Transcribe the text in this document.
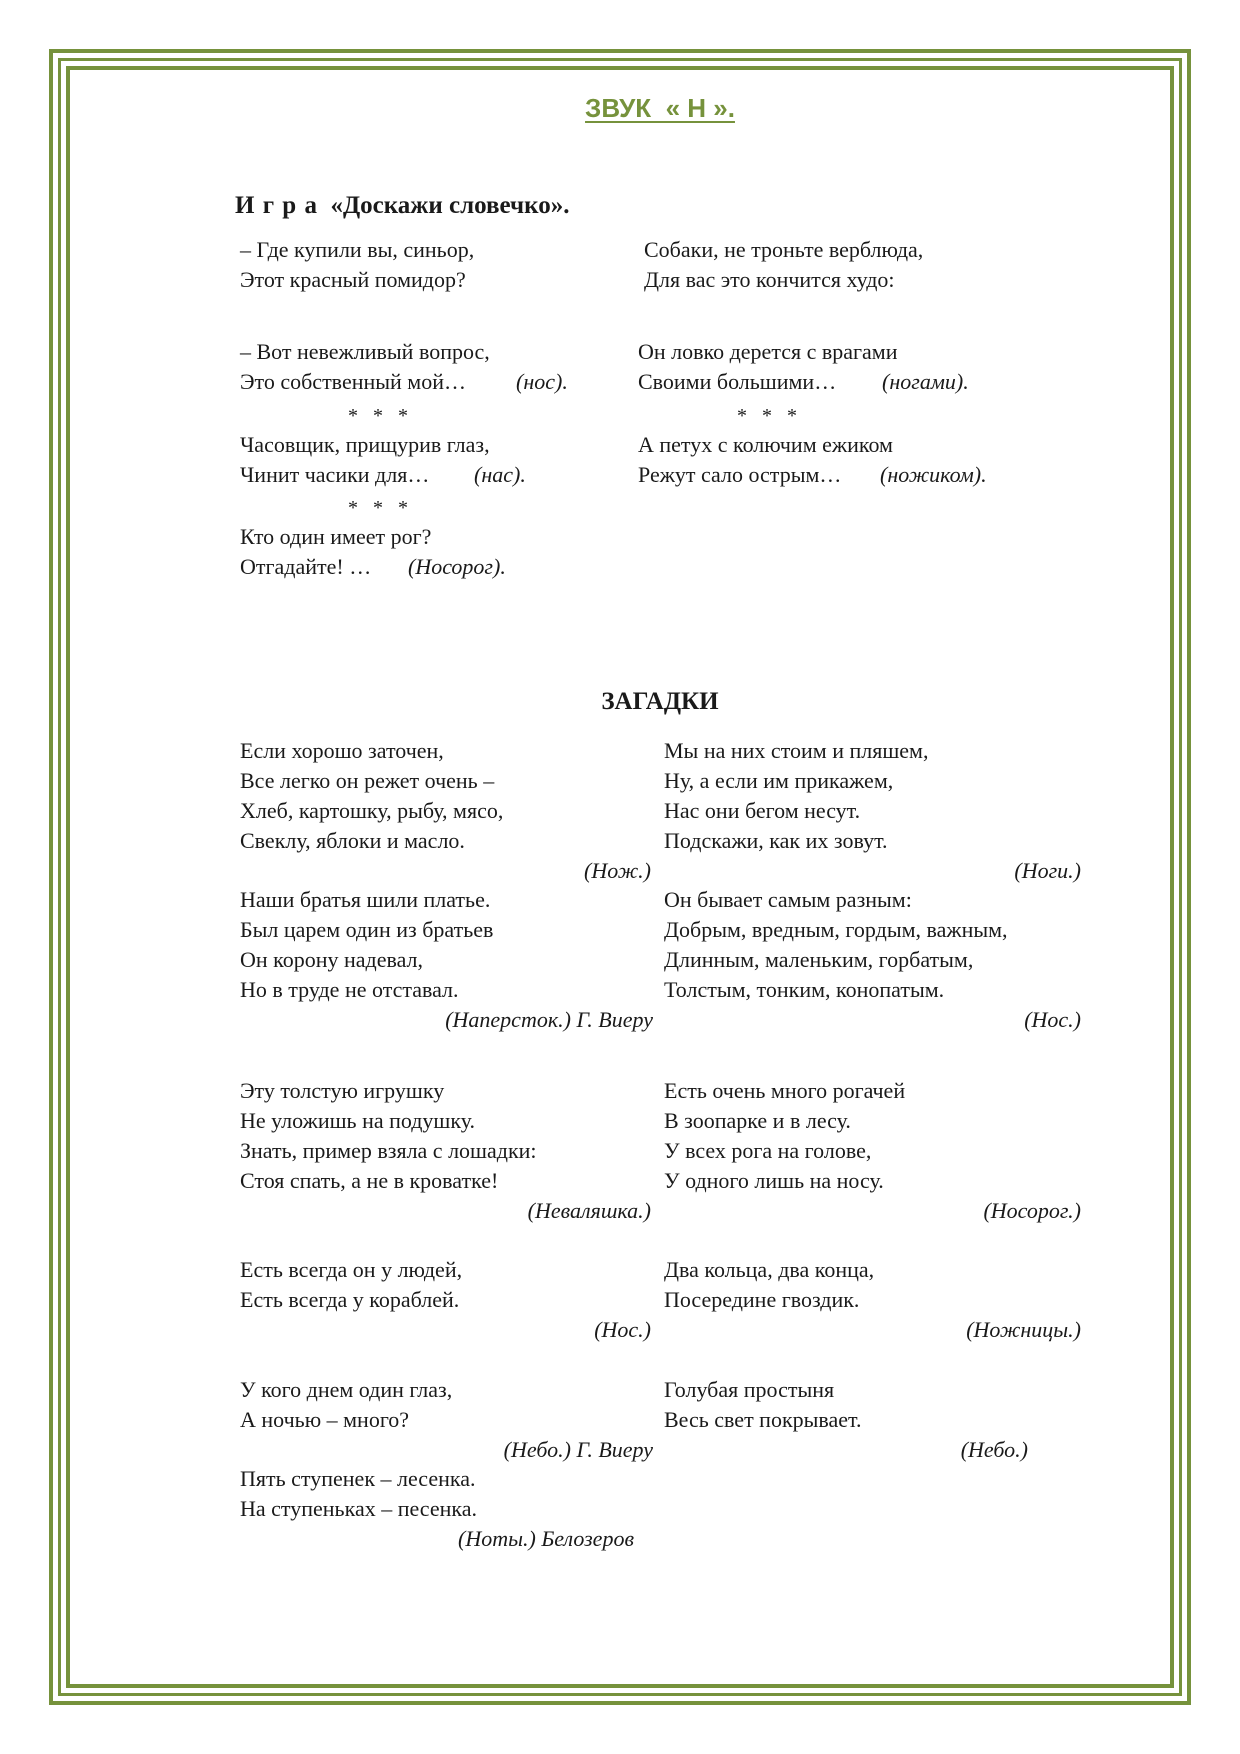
ЗВУК  « Н ».
И г р а «Доскажи словечко».
– Где купили вы, синьор,
Этот красный помидор?
– Вот невежливый вопрос,
Это собственный мой… (нос).
*   *   *
Часовщик, прищурив глаз,
Чинит часики для… (нас).
*   *   *
Кто один имеет рог?
Отгадайте! … (Носорог).
Собаки, не троньте верблюда,
Для вас это кончится худо:
Он ловко дерется с врагами
Своими большими… (ногами).
*   *   *
А петух с колючим ежиком
Режут сало острым… (ножиком).
ЗАГАДКИ
Если хорошо заточен,
Все легко он режет очень –
Хлеб, картошку, рыбу, мясо,
Свеклу, яблоки и масло.
(Нож.)
Наши братья шили платье.
Был царем один из братьев
Он корону надевал,
Но в труде не отставал.
(Наперсток.) Г. Виеру
Эту толстую игрушку
Не уложишь на подушку.
Знать, пример взяла с лошадки:
Стоя спать, а не в кроватке!
(Неваляшка.)
Есть всегда он у людей,
Есть всегда у кораблей.
(Нос.)
У кого днем один глаз,
А ночью – много?
(Небо.) Г. Виеру
Пять ступенек – лесенка.
На ступеньках – песенка.
(Ноты.) Белозеров
Мы на них стоим и пляшем,
Ну, а если им прикажем,
Нас они бегом несут.
Подскажи, как их зовут.
(Ноги.)
Он бывает самым разным:
Добрым, вредным, гордым, важным,
Длинным, маленьким, горбатым,
Толстым, тонким, конопатым.
(Нос.)
Есть очень много рогачей
В зоопарке и в лесу.
У всех рога на голове,
У одного лишь на носу.
(Носорог.)
Два кольца, два конца,
Посередине гвоздик.
(Ножницы.)
Голубая простыня
Весь свет покрывает.
(Небо.)
